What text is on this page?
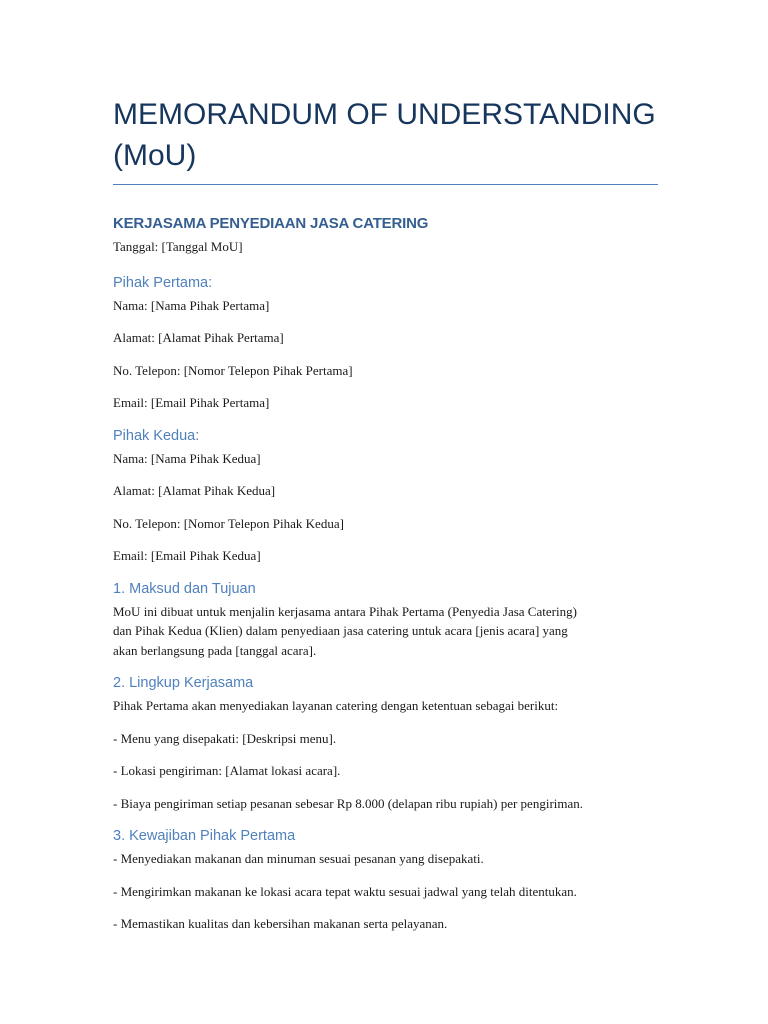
MEMORANDUM OF UNDERSTANDING
(MoU)
KERJASAMA PENYEDIAAN JASA CATERING

Tanggal: [Tanggal MoU]

Pihak Pertama:

Nama: [Nama Pihak Pertama]

Alamat: [Alamat Pihak Pertama]

No. Telepon: [Nomor Telepon Pihak Pertama]

Email: [Email Pihak Pertama]

Pihak Kedua:

Nama: [Nama Pihak Kedua]

Alamat: [Alamat Pihak Kedua]

No. Telepon: [Nomor Telepon Pihak Kedua]

Email: [Email Pihak Kedua]

1. Maksud dan Tujuan

MoU ini dibuat untuk menjalin kerjasama antara Pihak Pertama (Penyedia Jasa Catering)
dan Pihak Kedua (Klien) dalam penyediaan jasa catering untuk acara [jenis acara] yang
akan berlangsung pada [tanggal acara].

2. Lingkup Kerjasama

Pihak Pertama akan menyediakan layanan catering dengan ketentuan sebagai berikut:

- Menu yang disepakati: [Deskripsi menu].

- Lokasi pengiriman: [Alamat lokasi acara].

- Biaya pengiriman setiap pesanan sebesar Rp 8.000 (delapan ribu rupiah) per pengiriman.

3. Kewajiban Pihak Pertama

- Menyediakan makanan dan minuman sesuai pesanan yang disepakati.

- Mengirimkan makanan ke lokasi acara tepat waktu sesuai jadwal yang telah ditentukan.

- Memastikan kualitas dan kebersihan makanan serta pelayanan.
